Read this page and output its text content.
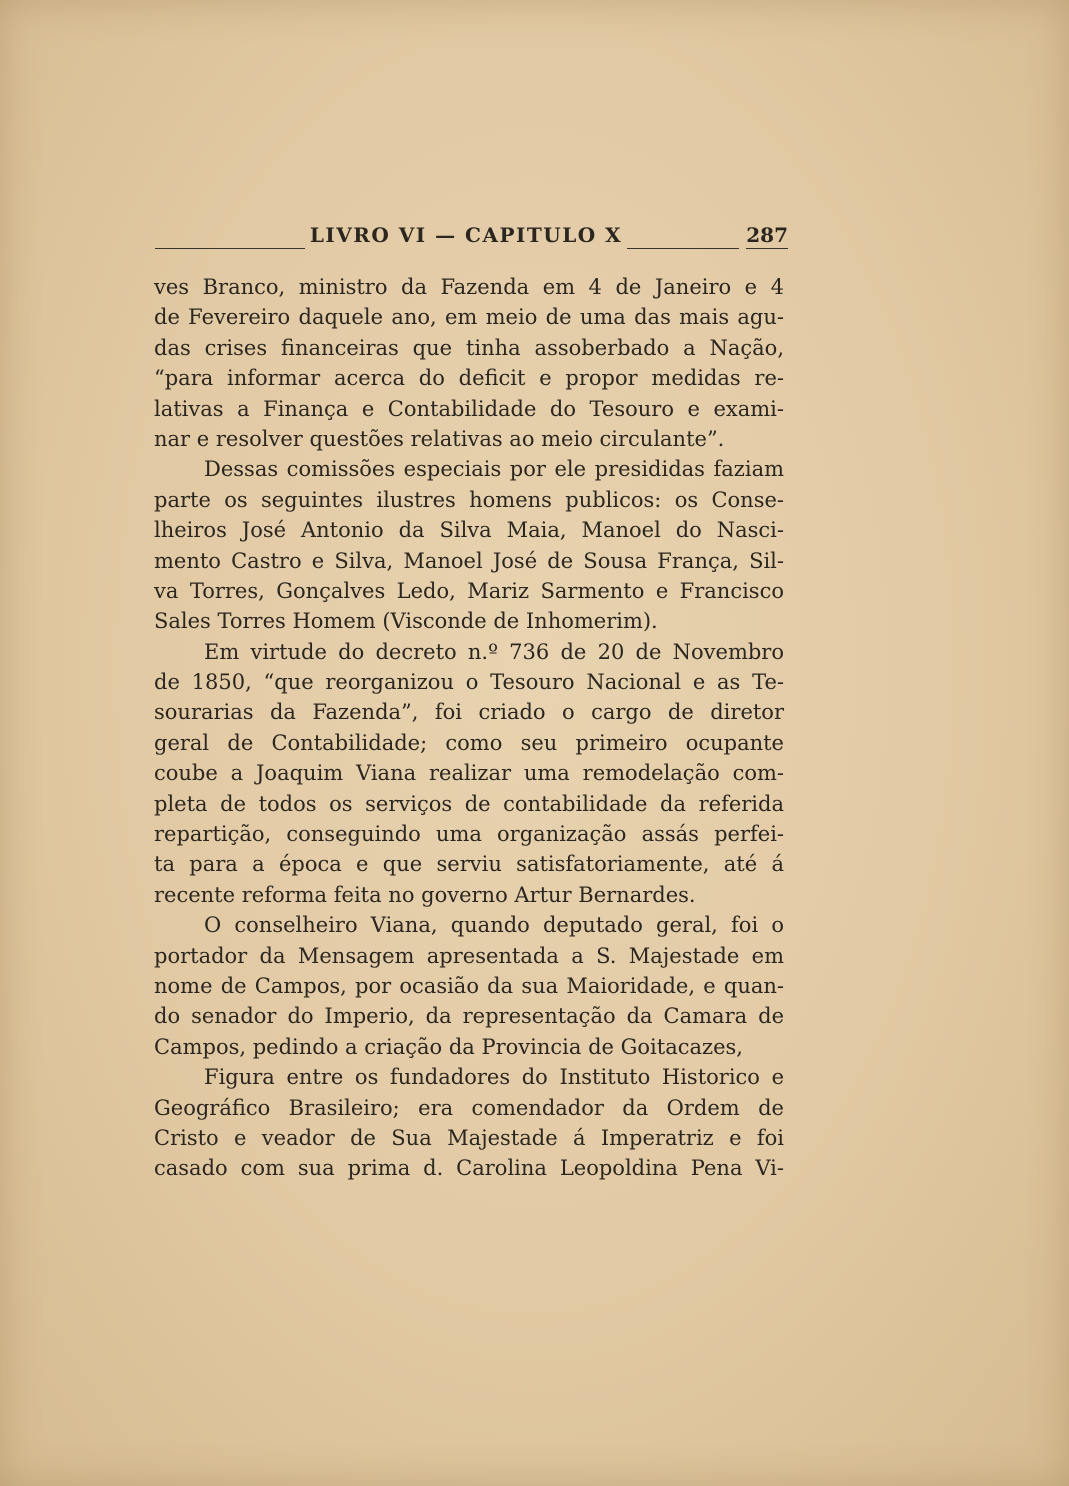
LIVRO VI — CAPITULO X	287
ves Branco, ministro da Fazenda em 4 de Janeiro e 4
de Fevereiro daquele ano, em meio de uma das mais agu-
das crises financeiras que tinha assoberbado a Nação,
“para informar acerca do deficit e propor medidas re-
lativas a Finança e Contabilidade do Tesouro e exami-
nar e resolver questões relativas ao meio circulante”.
Dessas comissões especiais por ele presididas faziam
parte os seguintes ilustres homens publicos: os Conse-
lheiros José Antonio da Silva Maia, Manoel do Nasci-
mento Castro e Silva, Manoel José de Sousa França, Sil-
va Torres, Gonçalves Ledo, Mariz Sarmento e Francisco
Sales Torres Homem (Visconde de Inhomerim).
Em virtude do decreto n.º 736 de 20 de Novembro
de 1850, “que reorganizou o Tesouro Nacional e as Te-
sourarias da Fazenda”, foi criado o cargo de diretor
geral de Contabilidade; como seu primeiro ocupante
coube a Joaquim Viana realizar uma remodelação com-
pleta de todos os serviços de contabilidade da referida
repartição, conseguindo uma organização assás perfei-
ta para a época e que serviu satisfatoriamente, até á
recente reforma feita no governo Artur Bernardes.
O conselheiro Viana, quando deputado geral, foi o
portador da Mensagem apresentada a S. Majestade em
nome de Campos, por ocasião da sua Maioridade, e quan-
do senador do Imperio, da representação da Camara de
Campos, pedindo a criação da Provincia de Goitacazes,
Figura entre os fundadores do Instituto Historico e
Geográfico Brasileiro; era comendador da Ordem de
Cristo e veador de Sua Majestade á Imperatriz e foi
casado com sua prima d. Carolina Leopoldina Pena Vi-
